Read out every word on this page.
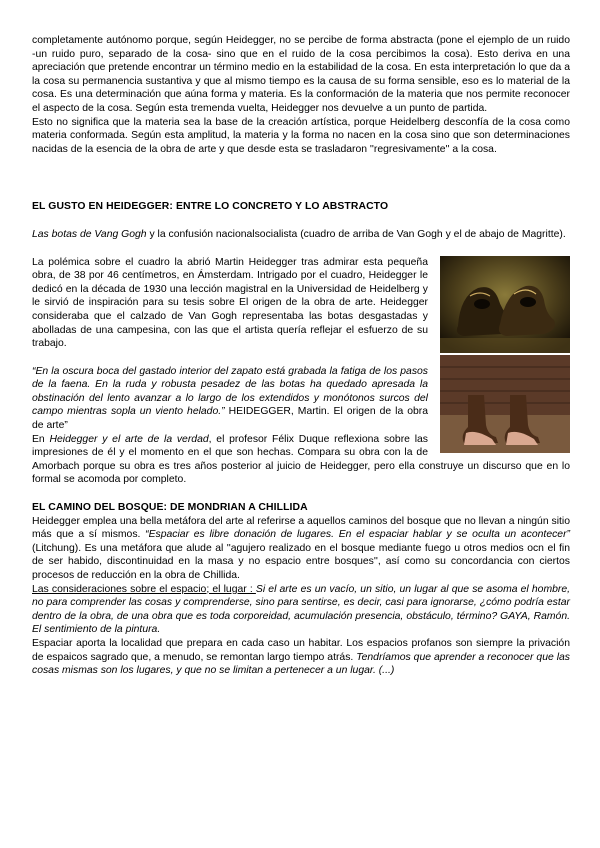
completamente autónomo porque, según Heidegger, no se percibe de forma abstracta (pone el ejemplo de un ruido -un ruido puro, separado de la cosa- sino que en el ruido de la cosa percibimos la cosa). Esto deriva en una apreciación que pretende encontrar un término medio en la estabilidad de la cosa. En esta interpretación lo que da a la cosa su permanencia sustantiva y que al mismo tiempo es la causa de su forma sensible, eso es lo material de la cosa. Es una determinación que aúna forma y materia. Es la conformación de la materia que nos permite reconocer el aspecto de la cosa. Según esta tremenda vuelta, Heidegger nos devuelve a un punto de partida.

Esto no significa que la materia sea la base de la creación artística, porque Heidelberg desconfía de la cosa como materia conformada. Según esta amplitud, la materia y la forma no nacen en la cosa sino que son determinaciones nacidas de la esencia de la obra de arte y que desde esta se trasladaron ''regresivamente'' a la cosa.

EL GUSTO EN HEIDEGGER: ENTRE LO CONCRETO Y LO ABSTRACTO

Las botas de Vang Gogh y la confusión nacionalsocialista (cuadro de arriba de Van Gogh y el de abajo de Magritte).

La polémica sobre el cuadro la abrió Martin Heidegger tras admirar esta pequeña obra, de 38 por 46 centímetros, en Ámsterdam. Intrigado por el cuadro, Heidegger le dedicó en la década de 1930 una lección magistral en la Universidad de Heidelberg y le sirvió de inspiración para su tesis sobre El origen de la obra de arte. Heidegger consideraba que el calzado de Van Gogh representaba las botas desgastadas y abolladas de una campesina, con las que el artista quería reflejar el esfuerzo de su trabajo.

“En la oscura boca del gastado interior del zapato está grabada la fatiga de los pasos de la faena. En la ruda y robusta pesadez de las botas ha quedado apresada la obstinación del lento avanzar a lo largo de los extendidos y monótonos surcos del campo mientras sopla un viento helado.” HEIDEGGER, Martin. El origen de la obra de arte”

En Heidegger y el arte de la verdad, el profesor Félix Duque reflexiona sobre las impresiones de él y el momento en el que son hechas. Compara su obra con la de Amorbach porque su obra es tres años posterior al juicio de Heidegger, pero ella construye un discurso que en lo formal se acomoda por completo.

EL CAMINO DEL BOSQUE: DE MONDRIAN A CHILLIDA

Heidegger emplea una bella metáfora del arte al referirse a aquellos caminos del bosque que no llevan a ningún sitio más que a sí mismos. “Espaciar es libre donación de lugares. En el espaciar hablar y se oculta un acontecer” (Litchung). Es una metáfora que alude al ''agujero realizado en el bosque mediante fuego u otros medios ocn el fin de ser habido, discontinuidad en la masa y no espacio entre bosques'', así como su concordancia con ciertos procesos de reducción en la obra de Chillida.

Las consideraciones sobre el espacio; el lugar : Si el arte es un vacío, un sitio, un lugar al que se asoma el hombre, no para comprender las cosas y comprenderse, sino para sentirse, es decir, casi para ignorarse, ¿cómo podría estar dentro de la obra, de una obra que es toda corporeidad, acumulación presencia, obstáculo, término? GAYA, Ramón. El sentimiento de la pintura.

Espaciar aporta la localidad que prepara en cada caso un habitar. Los espacios profanos son siempre la privación de espaicos sagrado que, a menudo, se remontan largo tiempo atrás. Tendríamos que aprender a reconocer que las cosas mismas son los lugares, y que no se limitan a pertenecer a un lugar. (...)
